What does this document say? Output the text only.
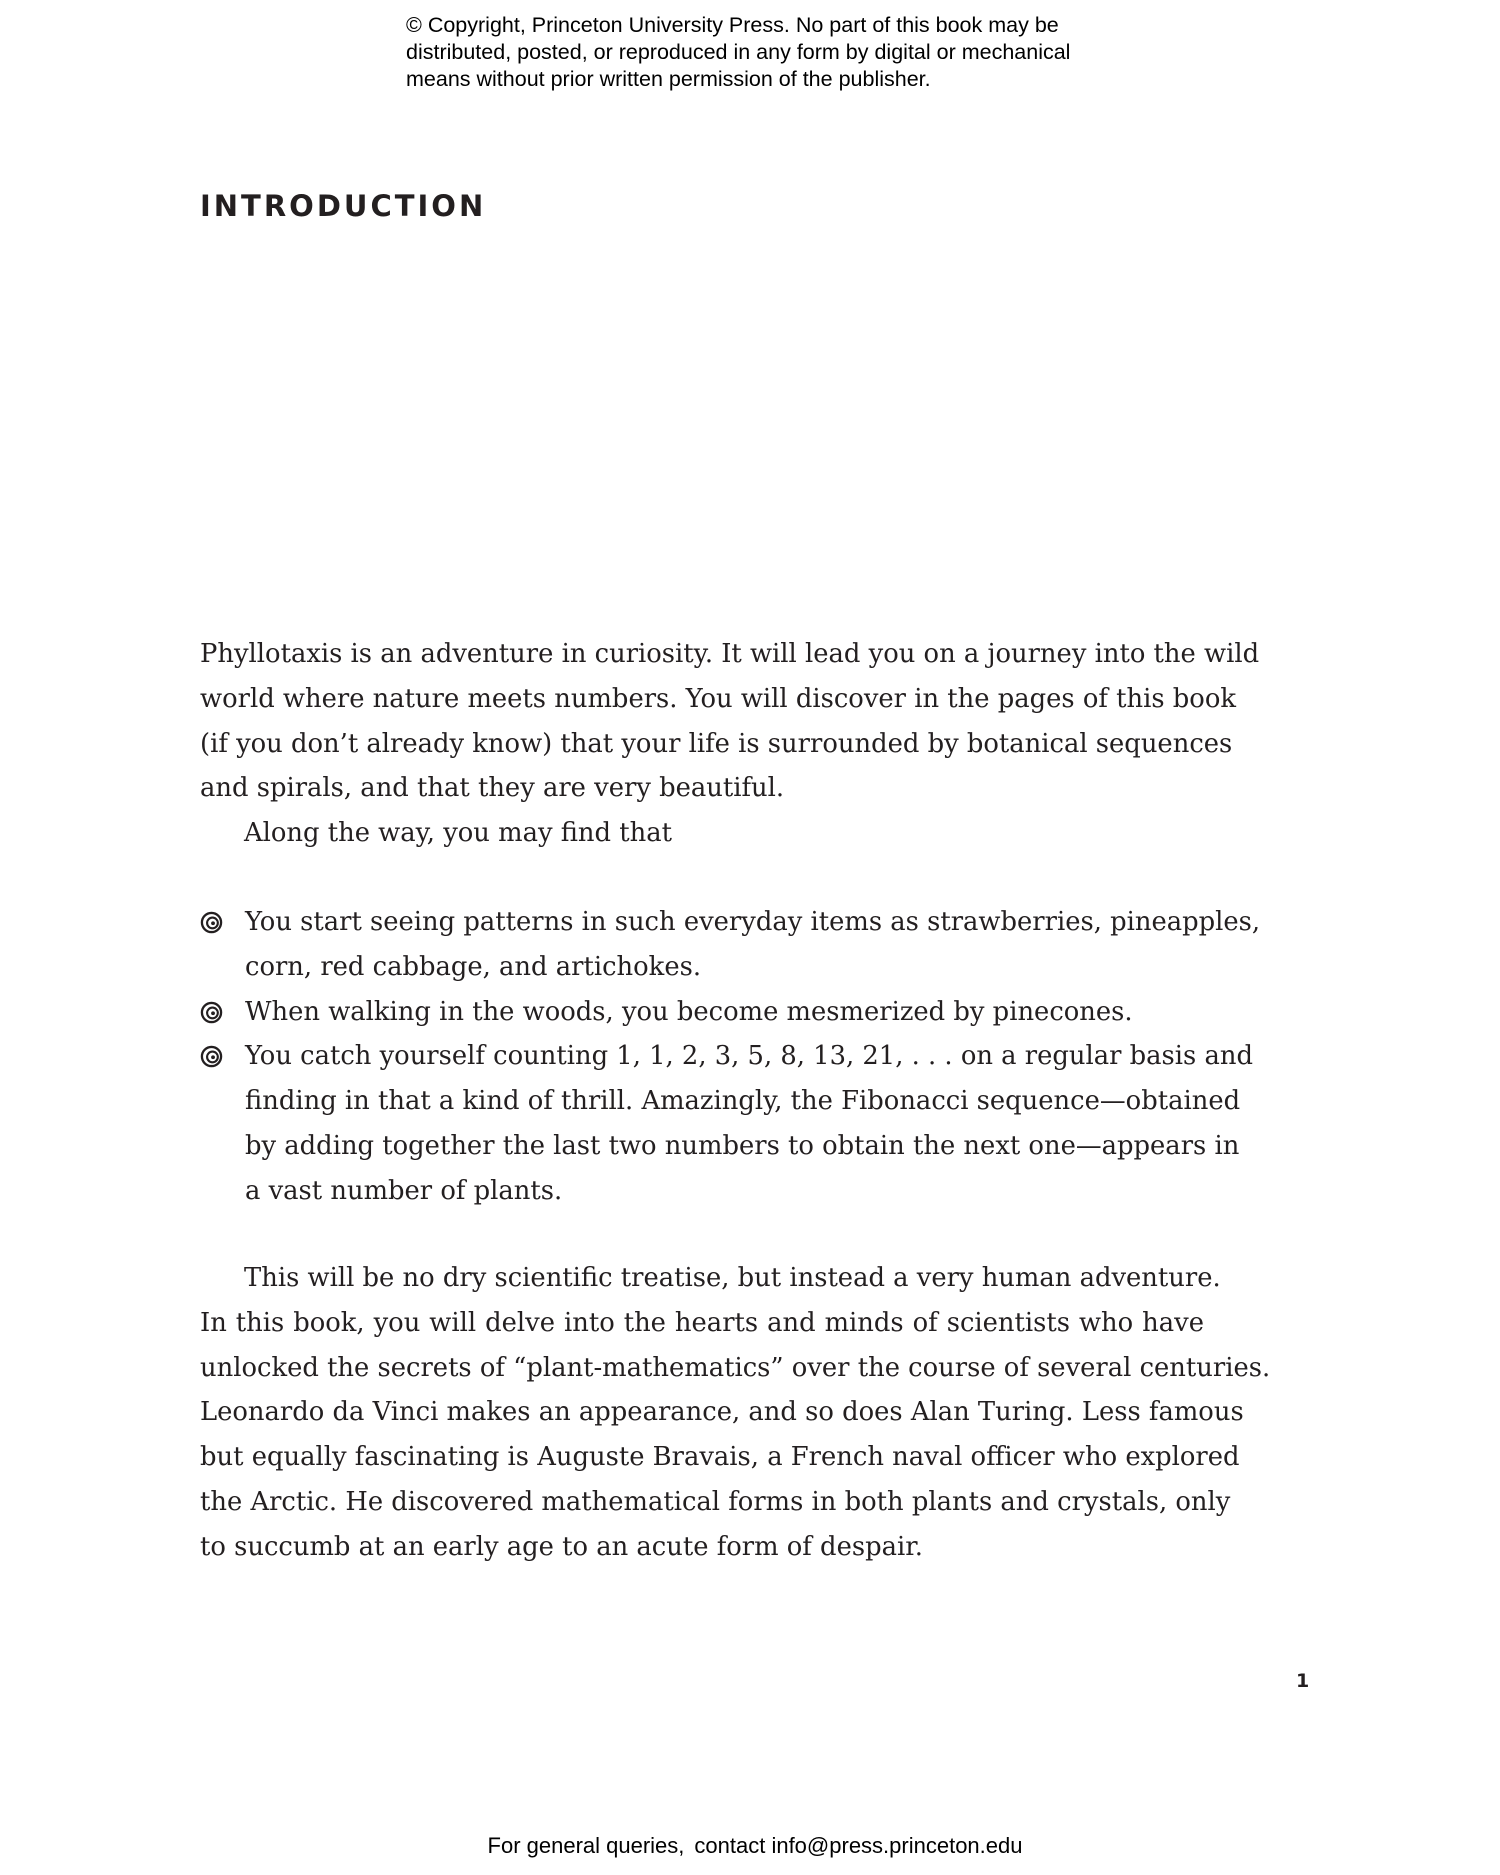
© Copyright, Princeton University Press. No part of this book may be
distributed, posted, or reproduced in any form by digital or mechanical
means without prior written permission of the publisher.
INTRODUCTION
Phyllotaxis is an adventure in curiosity. It will lead you on a journey into the wild
world where nature meets numbers. You will discover in the pages of this book
(if you don’t already know) that your life is surrounded by botanical sequences
and spirals, and that they are very beautiful.
Along the way, you may find that
You start seeing patterns in such everyday items as strawberries, pineapples,
corn, red cabbage, and artichokes.
When walking in the woods, you become mesmerized by pinecones.
You catch yourself counting 1, 1, 2, 3, 5, 8, 13, 21, . . . on a regular basis and
finding in that a kind of thrill. Amazingly, the Fibonacci sequence—obtained
by adding together the last two numbers to obtain the next one—appears in
a vast number of plants.
This will be no dry scientific treatise, but instead a very human adventure.
In this book, you will delve into the hearts and minds of scientists who have
unlocked the secrets of “plant-mathematics” over the course of several centuries.
Leonardo da Vinci makes an appearance, and so does Alan Turing. Less famous
but equally fascinating is Auguste Bravais, a French naval officer who explored
the Arctic. He discovered mathematical forms in both plants and crystals, only
to succumb at an early age to an acute form of despair.
1
For general queries, contact info@press.princeton.edu
